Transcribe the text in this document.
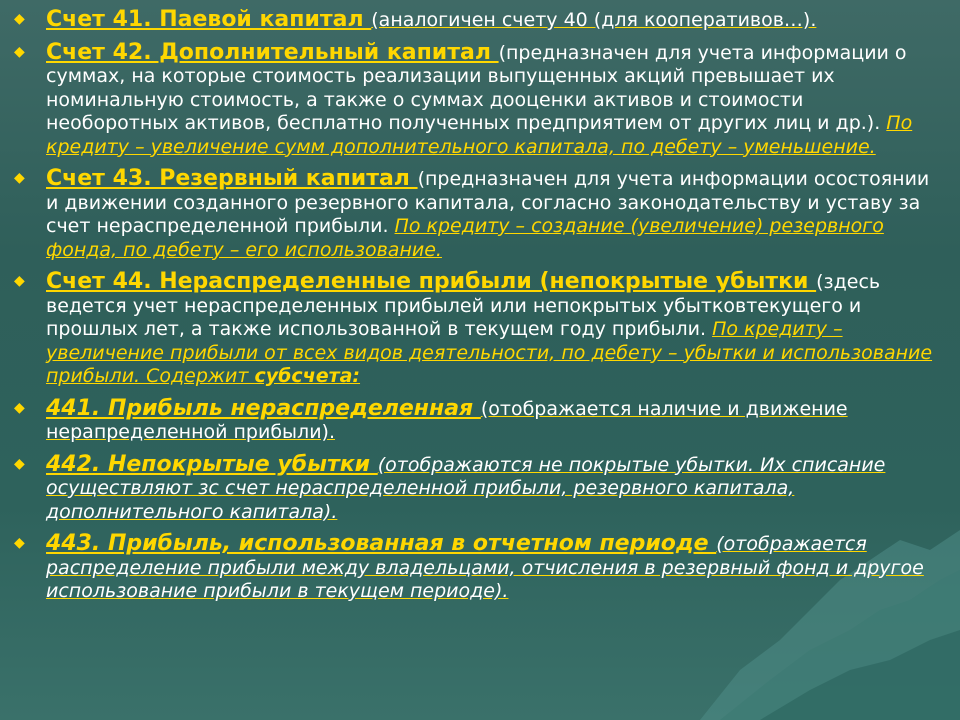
◆ Счет 41. Паевой капитал (аналогичен счету 40 (для кооперативов…).
◆ Счет 42. Дополнительный капитал (предназначен для учета информации о суммах, на которые стоимость реализации выпущенных акций превышает их номинальную стоимость, а также о суммах дооценки активов и стоимости необоротных активов, бесплатно полученных предприятием от других лиц и др.). По кредиту – увеличение сумм дополнительного капитала, по дебету – уменьшение.
◆ Счет 43. Резервный капитал (предназначен для учета информации осостоянии и движении созданного резервного капитала, согласно законодательству и уставу за счет нераспределенной прибыли. По кредиту – создание (увеличение) резервного фонда, по дебету – его использование.
◆ Счет 44. Нераспределенные прибыли (непокрытые убытки (здесь ведется учет нераспределенных прибылей или непокрытых убытковтекущего и прошлых лет, а также использованной в текущем году прибыли. По кредиту – увеличение прибыли от всех видов деятельности, по дебету – убытки и использование прибыли. Содержит субсчета:
◆ 441. Прибыль нераспределенная (отображается наличие и движение нерапределенной прибыли).
◆ 442. Непокрытые убытки (отображаются не покрытые убытки. Их списание осуществляют зс счет нераспределенной прибыли, резервного капитала, дополнительного капитала).
◆ 443. Прибыль, использованная в отчетном периоде (отображается распределение прибыли между владельцами, отчисления в резервный фонд и другое использование прибыли в текущем периоде).
